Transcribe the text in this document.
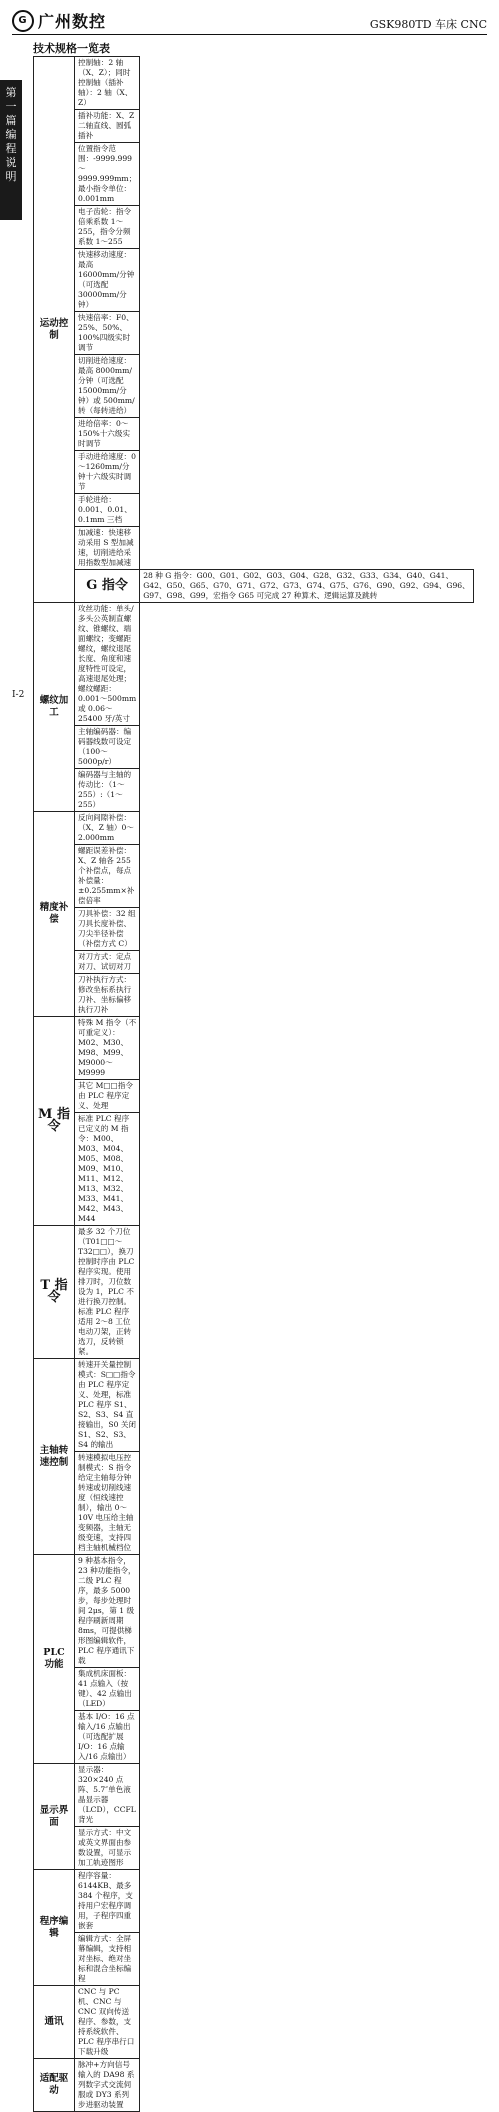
G 广州数控	GSK980TD 车床 CNC
第
一
篇
编
程
说
明
技术规格一览表
运动控制	控制轴：2 轴（X、Z）；同时控制轴（插补轴）：2 轴（X、Z）	
	插补功能：X、Z 二轴直线、圆弧插补	
	位置指令范围：-9999.999～9999.999mm；最小指令单位：0.001mm	
	电子齿轮：指令倍乘系数 1～255，指令分频系数 1～255	
	快速移动速度：最高 16000mm/分钟（可选配 30000mm/分钟）	
	快速倍率：F0、25%、50%、100%四级实时调节	
	切削进给速度：最高 8000mm/分钟（可选配 15000mm/分钟）或 500mm/转（每转进给）	
	进给倍率：0～150%十六级实时调节	
	手动进给速度：0～1260mm/分钟十六级实时调节	
	手轮进给：0.001、0.01、0.1mm 三档	
	加减速：快速移动采用 S 型加减速，切削进给采用指数型加减速	
	G 指令	28 种 G 指令：G00、G01、G02、G03、G04、G28、G32、G33、G34、G40、G41、G42、G50、G65、G70、G71、G72、G73、G74、G75、G76、G90、G92、G94、G96、G97、G98、G99，宏指令 G65 可完成 27 种算术、逻辑运算及跳转
螺纹加工	攻丝功能：单头/多头公英制直螺纹、锥螺纹、端面螺纹；变螺距螺纹，螺纹退尾长度、角度和速度特性可设定，高速退尾处理；螺纹螺距：0.001～500mm 或 0.06～25400 牙/英寸	
	主轴编码器：编码器线数可设定（100～5000p/r）	
	编码器与主轴的传动比：（1～255）:（1～255）	
精度补偿	反向间隙补偿：（X、Z 轴）0～2.000mm	
	螺距误差补偿：X、Z 轴各 255 个补偿点，每点补偿量：±0.255mm×补偿倍率	
	刀具补偿：32 组刀具长度补偿、刀尖半径补偿（补偿方式 C）	
	对刀方式：定点对刀、试切对刀	
	刀补执行方式：修改坐标系执行刀补、坐标偏移执行刀补	
M 指令	特殊 M 指令（不可重定义）：M02、M30、M98、M99、M9000～M9999	
	其它 M□□指令由 PLC 程序定义、处理	
	标准 PLC 程序已定义的 M 指令：M00、M03、M04、M05、M08、M09、M10、M11、M12、M13、M32、M33、M41、M42、M43、M44	
T 指令	最多 32 个刀位（T01□□～T32□□），换刀控制时序由 PLC 程序实现。使用排刀时，刀位数设为 1，PLC 不进行换刀控制。标准 PLC 程序适用 2～8 工位电动刀架，正转选刀，反转锁紧。	
主轴转速控制	转速开关量控制模式：S□□指令由 PLC 程序定义、处理，标准 PLC 程序 S1、S2、S3、S4 直接输出，S0 关闭 S1、S2、S3、S4 的输出	
	转速模拟电压控制模式：S 指令给定主轴每分钟转速或切削线速度（恒线速控制），输出 0～10V 电压给主轴变频器，主轴无级变速，支持四档主轴机械档位	
PLC 功能	9 种基本指令，23 种功能指令，二级 PLC 程序，最多 5000 步，每步处理时间 2μs，第 1 级程序刷新周期 8ms，可提供梯形图编辑软件，PLC 程序通讯下载	
	集成机床面板：41 点输入（按键）、42 点输出（LED）	
	基本 I/O：16 点输入/16 点输出（可选配扩展 I/O：16 点输入/16 点输出）	
显示界面	显示器：320×240 点阵、5.7″单色液晶显示器（LCD），CCFL 背光	
	显示方式：中文或英文界面由参数设置，可显示加工轨迹图形	
程序编辑	程序容量：6144KB、最多 384 个程序，支持用户宏程序调用，子程序四重嵌套	
	编辑方式：全屏幕编辑，支持相对坐标、绝对坐标和混合坐标编程	
通讯	CNC 与 PC 机、CNC 与 CNC 双向传送程序、参数，支持系统软件、PLC 程序串行口下载升级	
适配驱动	脉冲+方向信号输入的 DA98 系列数字式交流伺服或 DY3 系列步进驱动装置	
I-2
